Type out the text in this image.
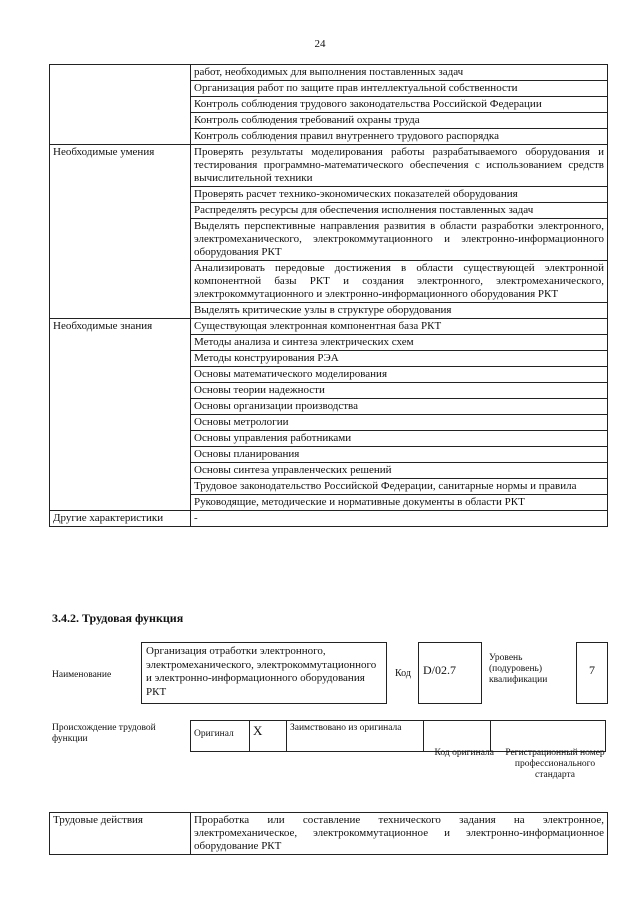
24
	работ, необходимых для выполнения поставленных задач
	Организация работ по защите прав интеллектуальной собственности
	Контроль соблюдения трудового законодательства Российской Федерации
	Контроль соблюдения требований охраны труда
	Контроль соблюдения правил внутреннего трудового распорядка
Необходимые умения	Проверять результаты моделирования работы разрабатываемого оборудования и тестирования программно-математического обеспечения с использованием средств вычислительной техники
	Проверять расчет технико-экономических показателей оборудования
	Распределять ресурсы для обеспечения исполнения поставленных задач
	Выделять перспективные направления развития в области разработки электронного, электромеханического, электрокоммутационного и электронно-информационного оборудования РКТ
	Анализировать передовые достижения в области существующей электронной компонентной базы РКТ и создания электронного, электромеханического, электрокоммутационного и электронно-информационного оборудования РКТ
	Выделять критические узлы в структуре оборудования
Необходимые знания	Существующая электронная компонентная база РКТ
	Методы анализа и синтеза электрических схем
	Методы конструирования РЭА
	Основы математического моделирования
	Основы теории надежности
	Основы организации производства
	Основы метрологии
	Основы управления работниками
	Основы планирования
	Основы синтеза управленческих решений
	Трудовое законодательство Российской Федерации, санитарные нормы и правила
	Руководящие, методические и нормативные документы в области РКТ
Другие характеристики	-
3.4.2. Трудовая функция
Наименование
Организация отработки электронного, электромеханического, электрокоммутационного и электронно-информационного оборудования РКТ
Код	D/02.7
Уровень (подуровень) квалификации
7
Происхождение трудовой функции	Оригинал	X	Заимствовано из оригинала		
Код оригинала	Регистрационный номер профессионального стандарта
Трудовые действия	Проработка или составление технического задания на электронное, электромеханическое, электрокоммутационное и электронно-информационное оборудование РКТ
